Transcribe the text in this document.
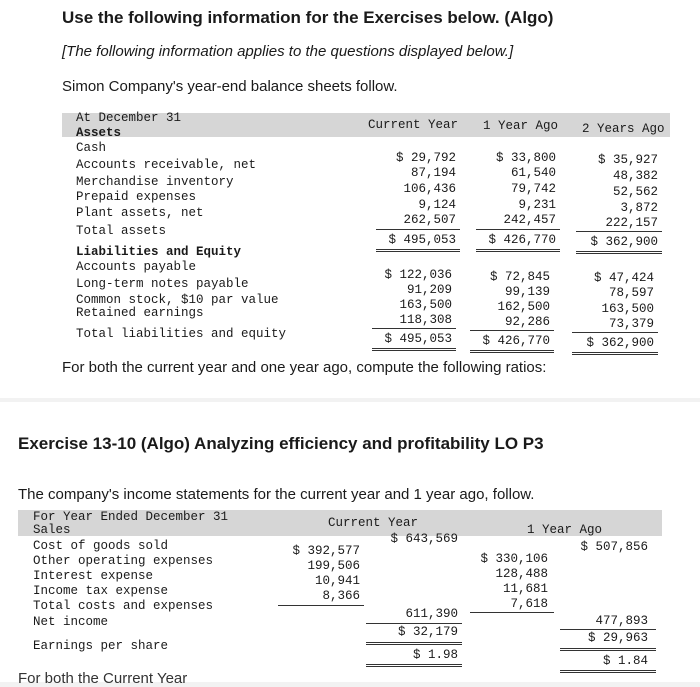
Use the following information for the Exercises below. (Algo)
[The following information applies to the questions displayed below.]
Simon Company's year-end balance sheets follow.
At December 31
Assets
Current Year 1 Year Ago 2 Years Ago
Cash
Accounts receivable, net
Merchandise inventory
Prepaid expenses
Plant assets, net
Total assets
$ 29,792
87,194
106,436
9,124
262,507
$ 495,053
$ 33,800
61,540
79,742
9,231
242,457
$ 426,770
$ 35,927
48,382
52,562
3,872
222,157
$ 362,900
Liabilities and Equity
Accounts payable
Long-term notes payable
Common stock, $10 par value
Retained earnings
Total liabilities and equity
$ 122,036
91,209
163,500
118,308
$ 495,053
$ 72,845
99,139
162,500
92,286
$ 426,770
$ 47,424
78,597
163,500
73,379
$ 362,900
For both the current year and one year ago, compute the following ratios:
Exercise 13-10 (Algo) Analyzing efficiency and profitability LO P3
The company's income statements for the current year and 1 year ago, follow.
For Year Ended December 31	Current Year	1 Year Ago
Sales
Cost of goods sold
Other operating expenses
Interest expense
Income tax expense
Total costs and expenses
Net income
Earnings per share
$ 392,577
199,506
10,941
8,366
$ 643,569
611,390
$ 32,179
$ 1.98
$ 330,106
128,488
11,681
7,618
$ 507,856
477,893
$ 29,963
$ 1.84
For both the Current Year
